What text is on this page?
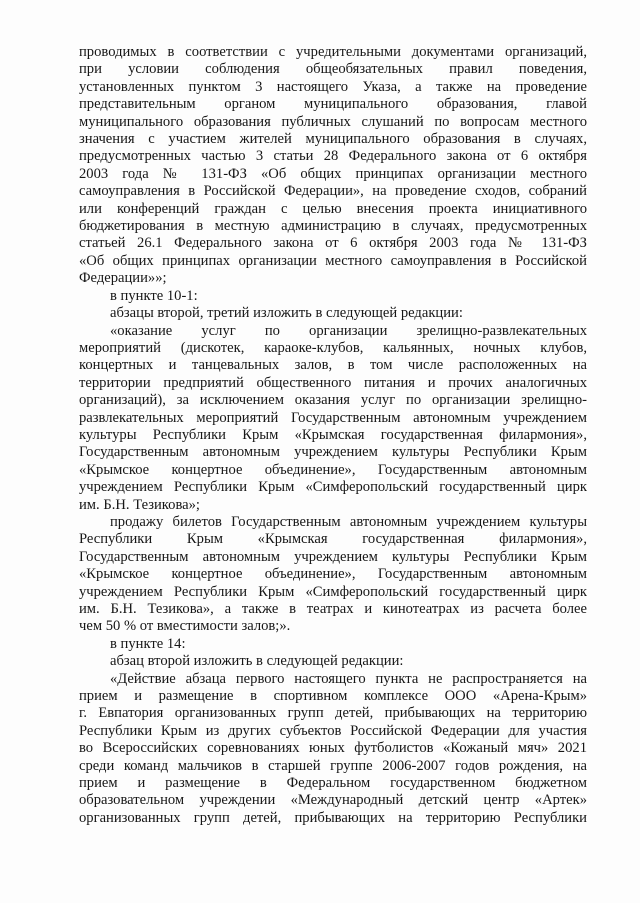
проводимых в соответствии с учредительными документами организаций,

при условии соблюдения общеобязательных правил поведения,

установленных пунктом 3 настоящего Указа, а также на проведение

представительным органом муниципального образования, главой

муниципального образования публичных слушаний по вопросам местного

значения с участием жителей муниципального образования в случаях,

предусмотренных частью 3 статьи 28 Федерального закона от 6 октября

2003 года № 131-ФЗ «Об общих принципах организации местного

самоуправления в Российской Федерации», на проведение сходов, собраний

или конференций граждан с целью внесения проекта инициативного

бюджетирования в местную администрацию в случаях, предусмотренных

статьей 26.1 Федерального закона от 6 октября 2003 года № 131-ФЗ

«Об общих принципах организации местного самоуправления в Российской

Федерации»»;

в пункте 10-1:

абзацы второй, третий изложить в следующей редакции:

«оказание услуг по организации зрелищно-развлекательных

мероприятий (дискотек, караоке-клубов, кальянных, ночных клубов,

концертных и танцевальных залов, в том числе расположенных на

территории предприятий общественного питания и прочих аналогичных

организаций), за исключением оказания услуг по организации зрелищно-

развлекательных мероприятий Государственным автономным учреждением

культуры Республики Крым «Крымская государственная филармония»,

Государственным автономным учреждением культуры Республики Крым

«Крымское концертное объединение», Государственным автономным

учреждением Республики Крым «Симферопольский государственный цирк

им. Б.Н. Тезикова»;

продажу билетов Государственным автономным учреждением культуры

Республики Крым «Крымская государственная филармония»,

Государственным автономным учреждением культуры Республики Крым

«Крымское концертное объединение», Государственным автономным

учреждением Республики Крым «Симферопольский государственный цирк

им. Б.Н. Тезикова», а также в театрах и кинотеатрах из расчета более

чем 50 % от вместимости залов;».

в пункте 14:

абзац второй изложить в следующей редакции:

«Действие абзаца первого настоящего пункта не распространяется на

прием и размещение в спортивном комплексе ООО «Арена-Крым»

г. Евпатория организованных групп детей, прибывающих на территорию

Республики Крым из других субъектов Российской Федерации для участия

во Всероссийских соревнованиях юных футболистов «Кожаный мяч» 2021

среди команд мальчиков в старшей группе 2006-2007 годов рождения, на

прием и размещение в Федеральном государственном бюджетном

образовательном учреждении «Международный детский центр «Артек»

организованных групп детей, прибывающих на территорию Республики
